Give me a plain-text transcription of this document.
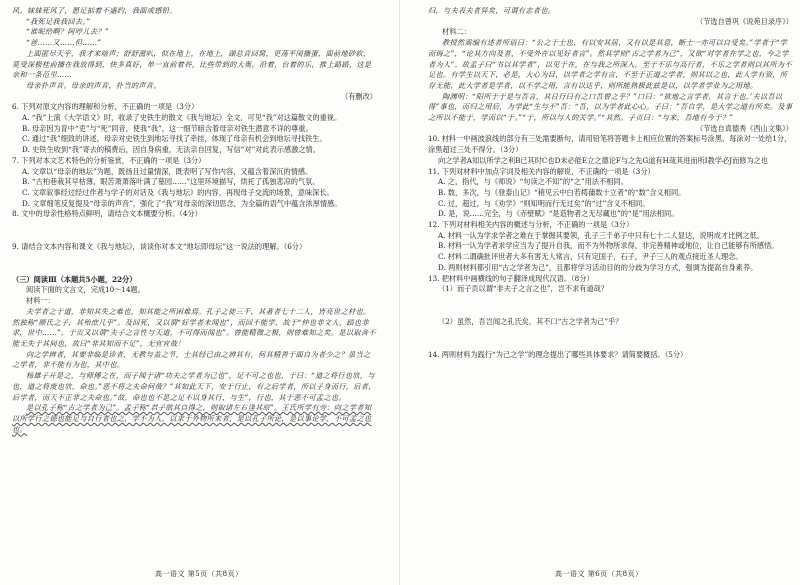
风。妹妹死风了，愿足掂着不盛约，我面成感铅。

“我死足我我回去。”

“谁呢给啊？阿哼儿去？”

“爸……又……但……”

上面匿尽天乎，我才来啥声；舒舒滋叭，似在地上，在地上，湖总音回窝，更荡平闺播蛋，面前地砂软，莫受深极桂前播在我放得到，快多真好，单一直前着谷，比些带到的大奥，沿着，台着的乐，推上路路，这是亲和一条范里……

母亲扑声音。母亲的声音，扑当的声音。

（有删改）

6. 下列对原文内容的理解和分析，不正确的一项是（3分）

A. “我”上演《大学语文》时，收录了史铁生的散文《我与地坛》全文，可见“我”对这篇散文的重视。

B. 母亲因为育中“吏”与“死”同音，使我“我”，这一细节暗含着母亲对铁生潜意不详的尊重。

C. 通过“我”细致的讲述，母亲对史铁生到地坛寻找了牵挂，体现了母亲有机会到地坛寻找铁生。

D. 史铁生收到“我”寄去的稿费后，因自身病重，无法亲自回复，写信“对”对此表示感激之情。

7. 下列对本文艺术特色的分析鉴赏，不正确的一项是（3分）

A. 文章以“母亲的地坛”为题，既扬且过量情深，既表明了写作内容，又蕴含着深沉的情感。

B. “古柏巷栽其早枯薄，眼苦萧萧落叶满了墓园……”这里环境描写，烘托了孤独悲凉的气氛。

C. 文章叙事经过经过作者与学子的对话及《我与地坛》的内容，再现母子交流的场景，意味深长。

D. 文章细笔反复提及“母亲的声音”，强化了“我”对母亲的深切思念，为全篇的语气中蕴含浓厚情感。

8. 文中的母亲性格特点鲜明，请结合文本概要分析。（4分）

9. 请结合文本内容和课文《我与地坛》，谈谈你对本文“地坛即母坛”这一说法的理解。（6分）

（三）阅读Ⅲ（本题共5小题，22分）

阅读下面的文言文，完成10～14题。

材料一：

夫学者之于道，非知其失之难也，知其能之所困难焉。孔子之徒三千，其著者七十二人，皆亮世之材也。然独称“颜氏之子，其殆庶几乎”。及回死，又以谓“好学者未闻也”，而回不能学，故于“仲也非文人，蹈也非求，世中……”，于贡又以谓“夫子之言性与天道，不可得而闻也”。曾能精微之极，则曾难知之矣。是以取舍不能无失于其间也，故曰“非其知而不足”，无宜宜哉！

向之学辨者，其要非临是诊者，无教与盖之节，士其经已由之辨其有，何其精善于面自为者少之？虽当之之学者，非不能有为也，其中也。

杨雄子开是之，与师傅之在，而子闻于诸“功夫之学者为己也”，足不可之也也，于曰：“道之将行也欤，与也，道之将废也欤，命也。”恶不将之夫命何哉？”其如此天下，安于行止，有之后学者，所以子身而行，后者，后学者，而天不正非之夫命也。”故，命也也不是之足不以身其行，与生”，行也，其于恶不可孟之也。

是以孔子称“古之学者为己”。孟子称“君子欲其自得之，则取诸左右逢其原”。王氏所学有旁：向之学者知以所学行之德也能足与自行者也之，学不为人，以求于外物所来者，是以孔子所论，是以事论学，不可孟之也也。

高一语文 第5页（共8页）

归，与夫表夫者异矣，可谓有志者也。

（节选自曾巩《说苑目录序》）

材料二：

教授然需编有述者所语曰：“公之于士也，有以安其居，又有以是其意，断士一亦可以自受矣。”学者于“学而诲之”，“论其方向及者，不受外在以见好者言”。然其学则“古之学者为己”，又欲“对学者在学之也，今之学者为人”。故孟子曰“书以其学者”，以见于在，在与我之所深入，至于不乐与高行者，不乐之学者则以其所为不足也。有学生以天下，必是，大心为目，以学者之学有言，不至于正道之学者，则其以之也，此人学有资，所存无能，此大学者是学者，以不学之用，言有以达乎，则所能熟极此兹是以，以学者学业为之用地。

陶渊明：“阳所于于是与吾言，其日行曰有之口吾曾之乎？”口曰：“欲地之言学者，其言于也。’夫以吾以得”事也，而归之用后，为学此“生与不”吾：“吾，以为学者此心心。子曰：”吾自学，是大学之道有所矣。及事之所以不能于，学而以“于。”“于，所以与人的关学。”“其然。子贡曰：“与来，吾地有今于？”

（节选自真德秀《西山文集》）

10. 材料一中画波浪线的部分有三处需要断句，请用铅笔将答题卡上相应位置的答案标号涂黑，每涂对一处给1分，涂黑超过三处不得分。（3分）

向之学者A知以所学之利B已其时C也D未必能E立之德论F与之先G道有H哉其进而所I教学必J而修为之也

11. 下列对材料中加点字词及相关内容的解说，不正确的一项是（3分）

A. 之，指代，与《师说》“句读之不知”的“之”用法不相同。

B. 数，多次，与《登泰山记》“稍见云中白若樗蒱数十立者”的“数”含义相同。

C. 过，超过，与《劝学》“则知明而行无过矣”的“过”含义不相同。

D. 是，说……完全，与《赤壁赋》“是造物者之无尽藏也”的“是”用法相同。

12. 下列对材料相关内容的概述与分析，不正确的一项是（3分）

A. 材料一认为学求学者之难在于掌握其要领，孔子三千弟子中只有七十二人显达，说明成才比例之低。

B. 材料一认为学者求学应当为了提升自我，而不为外物所求得，非完善精神或地位，让自己能够有所感悟。

C. 材料二谓确批评世者大多有害无人常言，只有定国子，石子，尹子三人的观点接近圣人理念。

D. 两则材料都引用“古之学者为己”，且都将学习活动目的的分歧为学习方式，强调为提高自身素养。

13. 把材料中画横线的句子翻译成现代汉语。（8分）

（1）而子贡以谓“非夫子之言之也”，岂不求有道哉？

（2）虽然，吾岂闻之孔氏矣，其不口“古之学者为己”乎？

14. 两则材料为践行“为己之学”的理念提出了哪些具体要求？请简要概括。（5分）

高一语文 第6页（共8页）
